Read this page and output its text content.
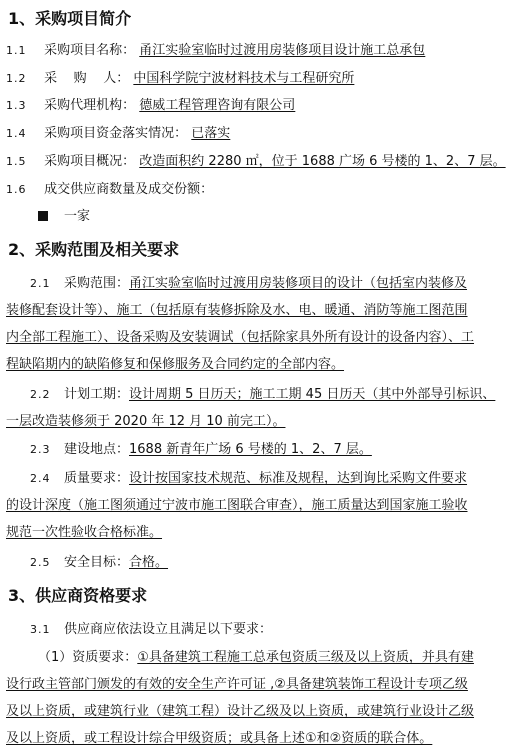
1、采购项目简介
1.1 采购项目名称： 甬江实验室临时过渡用房装修项目设计施工总承包
1.2 采    购    人： 中国科学院宁波材料技术与工程研究所
1.3 采购代理机构： 德威工程管理咨询有限公司
1.4 采购项目资金落实情况： 已落实
1.5 采购项目概况： 改造面积约 2280 ㎡，位于 1688 广场 6 号楼的 1、2、7 层。
1.6 成交供应商数量及成交份额：
一家
2、采购范围及相关要求
2.1 采购范围：甬江实验室临时过渡用房装修项目的设计（包括室内装修及
装修配套设计等）、施工（包括原有装修拆除及水、电、暖通、消防等施工图范围
内全部工程施工）、设备采购及安装调试（包括除家具外所有设计的设备内容）、工
程缺陷期内的缺陷修复和保修服务及合同约定的全部内容。
2.2 计划工期：设计周期 5 日历天；施工工期 45 日历天（其中外部导引标识、
一层改造装修须于 2020 年 12 月 10 前完工）。
2.3 建设地点：1688 新青年广场 6 号楼的 1、2、7 层。
2.4 质量要求：设计按国家技术规范、标准及规程，达到询比采购文件要求
的设计深度（施工图须通过宁波市施工图联合审查），施工质量达到国家施工验收
规范一次性验收合格标准。
2.5 安全目标：合格。
3、供应商资格要求
3.1 供应商应依法设立且满足以下要求：
（1）资质要求：①具备建筑工程施工总承包资质三级及以上资质，并具有建
设行政主管部门颁发的有效的安全生产许可证 ,②具备建筑装饰工程设计专项乙级
及以上资质，或建筑行业（建筑工程）设计乙级及以上资质，或建筑行业设计乙级
及以上资质，或工程设计综合甲级资质；或具备上述①和②资质的联合体。
